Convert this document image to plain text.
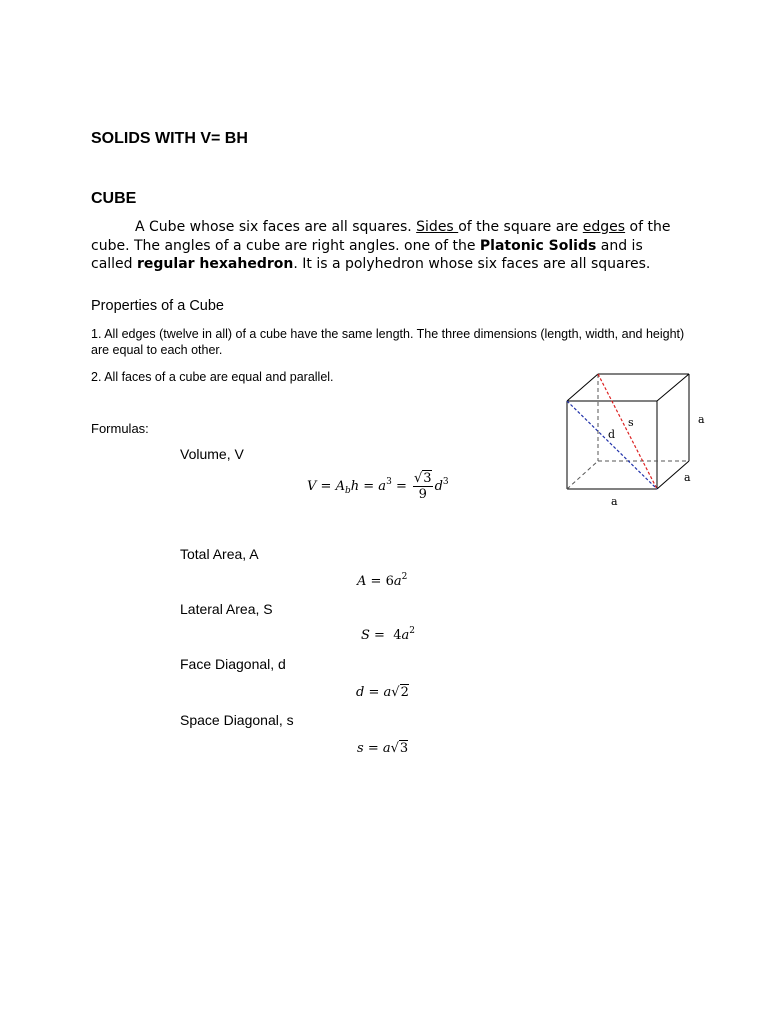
SOLIDS WITH V= BH
CUBE
A Cube whose six faces are all squares. Sides of the square are edges of the cube. The angles of a cube are right angles. one of the Platonic Solids and is called regular hexahedron. It is a polyhedron whose six faces are all squares.
Properties of a Cube
1. All edges (twelve in all) of a cube have the same length. The three dimensions (length, width, and height) are equal to each other.
2. All faces of a cube are equal and parallel.
Formulas:
Volume, V
$V = A_bh = a^3 = \frac{√3}{9} d^3$
Total Area, A
$A = 6a^2$
Lateral Area, S
$S = 4a^2$
Face Diagonal, d
d = a√2
Space Diagonal, s
s = a√3
s
d
a
a
a
